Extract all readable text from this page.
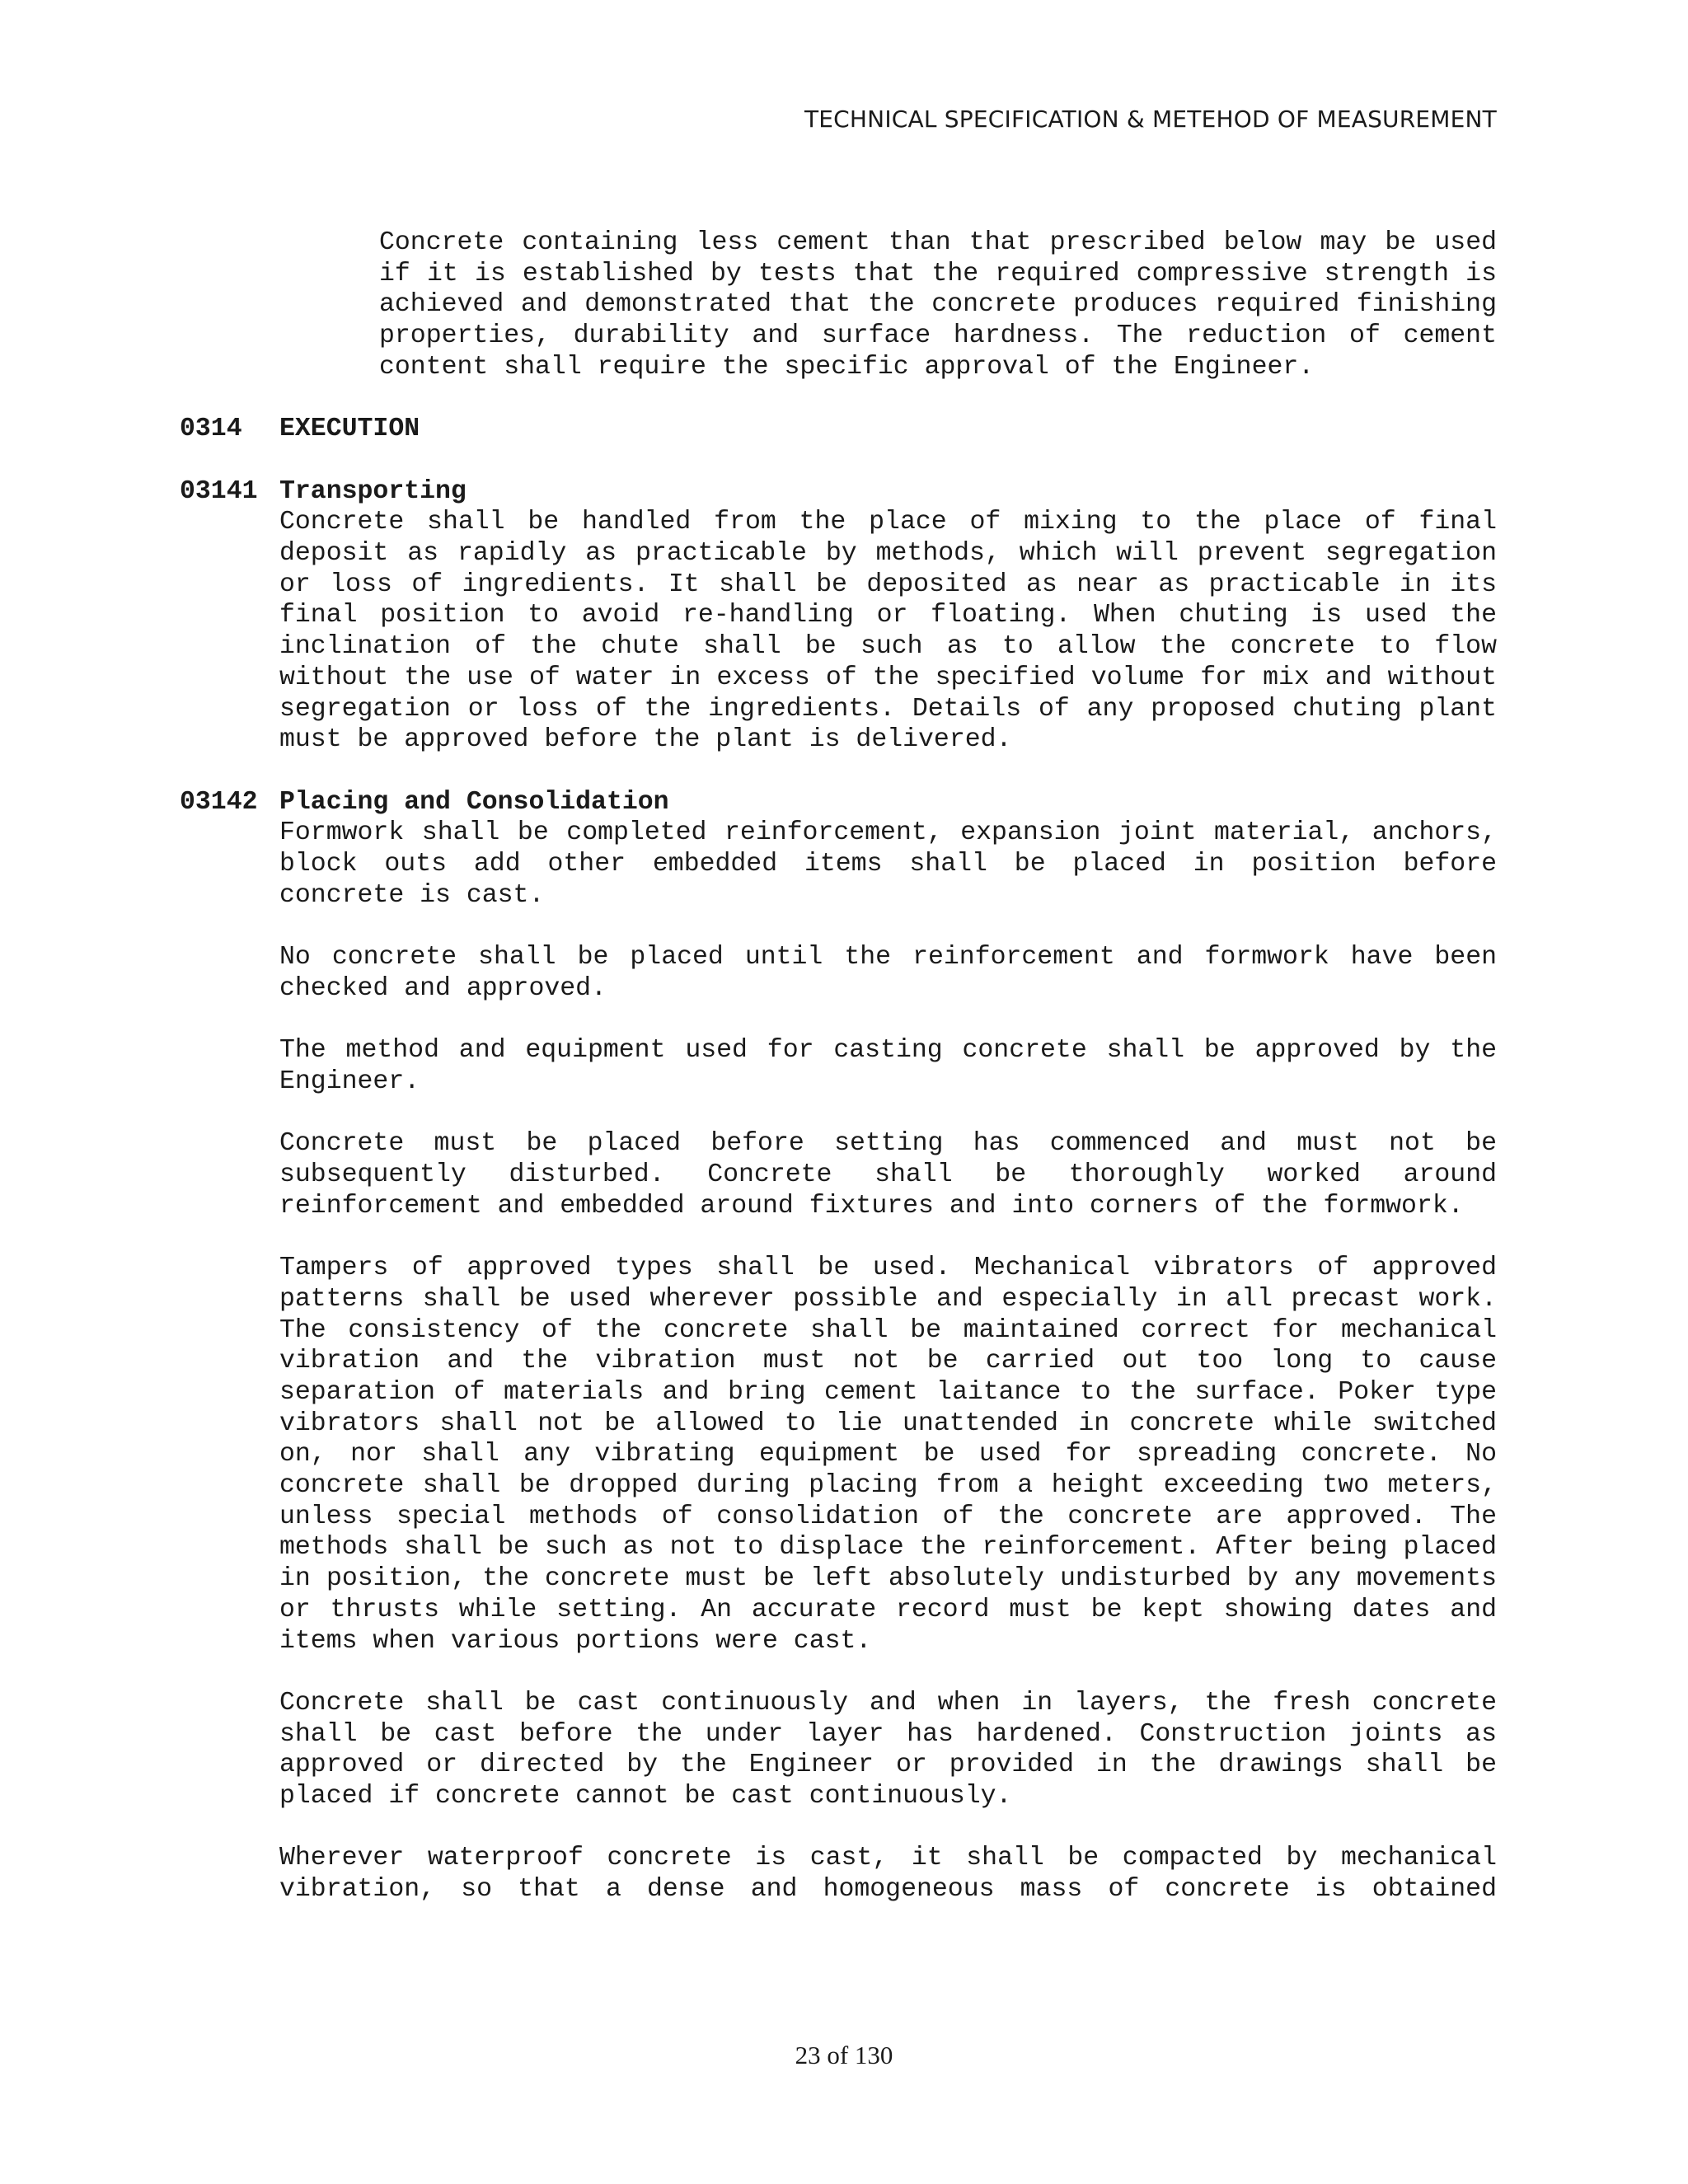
TECHNICAL SPECIFICATION & METEHOD OF MEASUREMENT

Concrete containing less cement than that prescribed below may be used if it is established by tests that the required compressive strength is achieved and demonstrated that the concrete produces required finishing properties, durability and surface hardness. The reduction of cement content shall require the specific approval of the Engineer.

0314	EXECUTION
03141 Transporting

Concrete shall be handled from the place of mixing to the place of final deposit as rapidly as practicable by methods, which will prevent segregation or loss of ingredients. It shall be deposited as near as practicable in its final position to avoid re-handling or floating. When chuting is used the inclination of the chute shall be such as to allow the concrete to flow without the use of water in excess of the specified volume for mix and without segregation or loss of the ingredients. Details of any proposed chuting plant must be approved before the plant is delivered.

03142 Placing and Consolidation

Formwork shall be completed reinforcement, expansion joint material, anchors, block outs add other embedded items shall be placed in position before concrete is cast.

No concrete shall be placed until the reinforcement and formwork have been checked and approved.

The method and equipment used for casting concrete shall be approved by the Engineer.

Concrete must be placed before setting has commenced and must not be subsequently disturbed. Concrete shall be thoroughly worked around reinforcement and embedded around fixtures and into corners of the formwork.

Tampers of approved types shall be used. Mechanical vibrators of approved patterns shall be used wherever possible and especially in all precast work. The consistency of the concrete shall be maintained correct for mechanical vibration and the vibration must not be carried out too long to cause separation of materials and bring cement laitance to the surface. Poker type vibrators shall not be allowed to lie unattended in concrete while switched on, nor shall any vibrating equipment be used for spreading concrete. No concrete shall be dropped during placing from a height exceeding two meters, unless special methods of consolidation of the concrete are approved. The methods shall be such as not to displace the reinforcement. After being placed in position, the concrete must be left absolutely undisturbed by any movements or thrusts while setting. An accurate record must be kept showing dates and items when various portions were cast.

Concrete shall be cast continuously and when in layers, the fresh concrete shall be cast before the under layer has hardened. Construction joints as approved or directed by the Engineer or provided in the drawings shall be placed if concrete cannot be cast continuously.

Wherever waterproof concrete is cast, it shall be compacted by mechanical vibration, so that a dense and homogeneous mass of concrete is obtained

23 of 130
